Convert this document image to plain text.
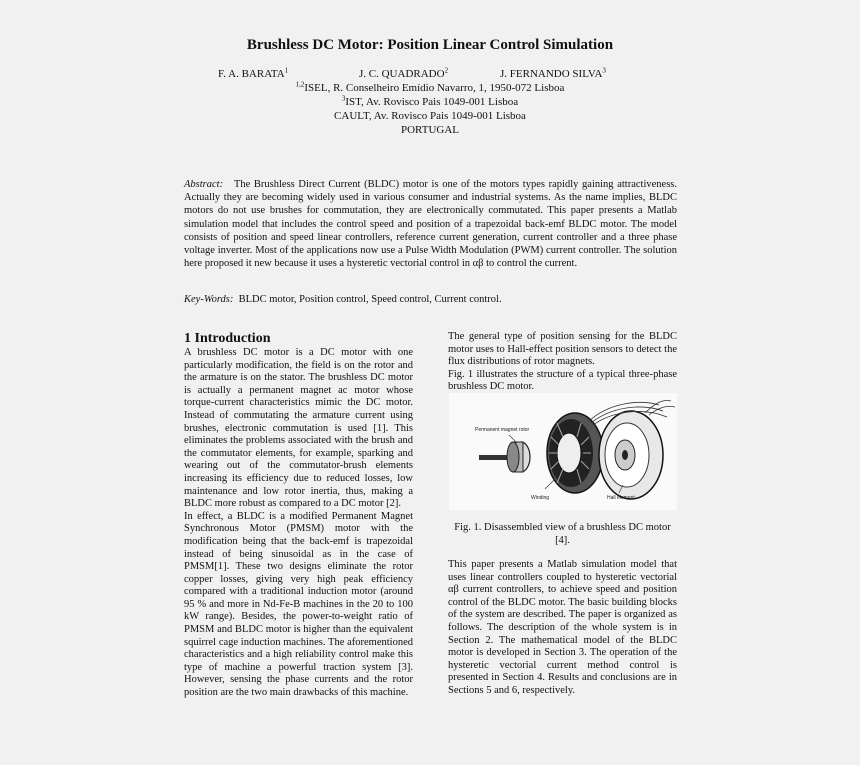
Brushless DC Motor: Position Linear Control Simulation
F. A. BARATA$^1$	J. C. QUADRADO$^2$	J. FERNANDO SILVA$^3$
$^{1,2}$ISEL, R. Conselheiro Emídio Navarro, 1, 1950-072 Lisboa
$^3$IST, Av. Rovisco Pais 1049-001 Lisboa
CAULT, Av. Rovisco Pais 1049-001 Lisboa
PORTUGAL
Abstract: The Brushless Direct Current (BLDC) motor is one of the motors types rapidly gaining attractiveness. Actually they are becoming widely used in various consumer and industrial systems. As the name implies, BLDC motors do not use brushes for commutation, they are electronically commutated. This paper presents a Matlab simulation model that includes the control speed and position of a trapezoidal back-emf BLDC motor. The model consists of position and speed linear controllers, reference current generation, current controller and a three phase voltage inverter. Most of the applications now use a Pulse Width Modulation (PWM) current controller. The solution here proposed it new because it uses a hysteretic vectorial control in αβ to control the current.
Key-Words: BLDC motor, Position control, Speed control, Current control.
1 Introduction

A brushless DC motor is a DC motor with one particularly modification, the field is on the rotor and the armature is on the stator. The brushless DC motor is actually a permanent magnet ac motor whose torque-current characteristics mimic the DC motor. Instead of commutating the armature current using brushes, electronic commutation is used [1]. This eliminates the problems associated with the brush and the commutator elements, for example, sparking and wearing out of the commutator-brush elements increasing its efficiency due to reduced losses, low maintenance and low rotor inertia, thus, making a BLDC more robust as compared to a DC motor [2].

In effect, a BLDC is a modified Permanent Magnet Synchronous Motor (PMSM) motor with the modification being that the back-emf is trapezoidal instead of being sinusoidal as in the case of PMSM[1]. These two designs eliminate the rotor copper losses, giving very high peak efficiency compared with a traditional induction motor (around 95 % and more in Nd-Fe-B machines in the 20 to 100 kW range). Besides, the power-to-weight ratio of PMSM and BLDC motor is higher than the equivalent squirrel cage induction machines. The aforementioned characteristics and a high reliability control make this type of machine a powerful traction system [3]. However, sensing the phase currents and the rotor position are the two main drawbacks of this machine.

The general type of position sensing for the BLDC motor uses to Hall-effect position sensors to detect the flux distributions of rotor magnets.

Fig. 1 illustrates the structure of a typical three-phase brushless DC motor.

Permanent magnet rotor
Winding	Hall element
Fig. 1. Disassembled view of a brushless DC motor [4].

This paper presents a Matlab simulation model that uses linear controllers coupled to hysteretic vectorial αβ current controllers, to achieve speed and position control of the BLDC motor. The basic building blocks of the system are described. The paper is organized as follows. The description of the whole system is in Section 2. The mathematical model of the BLDC motor is developed in Section 3. The operation of the hysteretic vectorial current method control is presented in Section 4. Results and conclusions are in Sections 5 and 6, respectively.
